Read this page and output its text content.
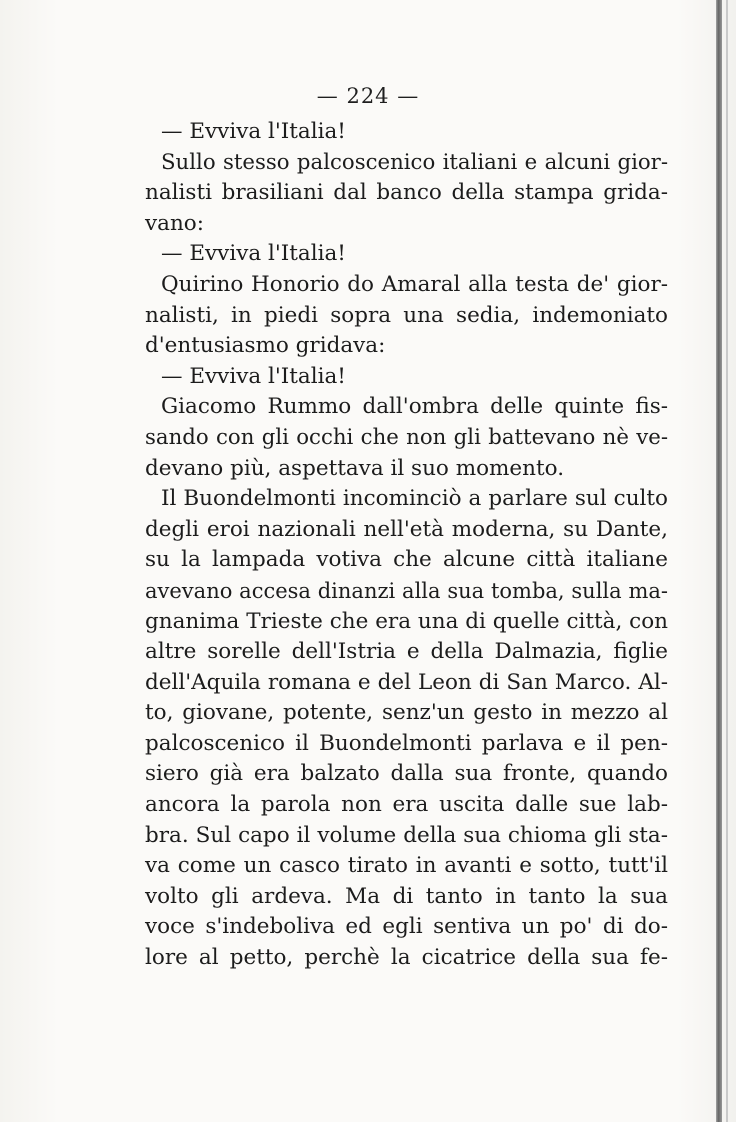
— 224 —
— Evviva l'Italia!
Sullo stesso palcoscenico italiani e alcuni gior-
nalisti brasiliani dal banco della stampa grida-
vano:
— Evviva l'Italia!
Quirino Honorio do Amaral alla testa de' gior-
nalisti, in piedi sopra una sedia, indemoniato
d'entusiasmo gridava:
— Evviva l'Italia!
Giacomo Rummo dall'ombra delle quinte fis-
sando con gli occhi che non gli battevano nè ve-
devano più, aspettava il suo momento.
Il Buondelmonti incominciò a parlare sul culto
degli eroi nazionali nell'età moderna, su Dante,
su la lampada votiva che alcune città italiane
avevano accesa dinanzi alla sua tomba, sulla ma-
gnanima Trieste che era una di quelle città, con
altre sorelle dell'Istria e della Dalmazia, figlie
dell'Aquila romana e del Leon di San Marco. Al-
to, giovane, potente, senz'un gesto in mezzo al
palcoscenico il Buondelmonti parlava e il pen-
siero già era balzato dalla sua fronte, quando
ancora la parola non era uscita dalle sue lab-
bra. Sul capo il volume della sua chioma gli sta-
va come un casco tirato in avanti e sotto, tutt'il
volto gli ardeva. Ma di tanto in tanto la sua
voce s'indeboliva ed egli sentiva un po' di do-
lore al petto, perchè la cicatrice della sua fe-
